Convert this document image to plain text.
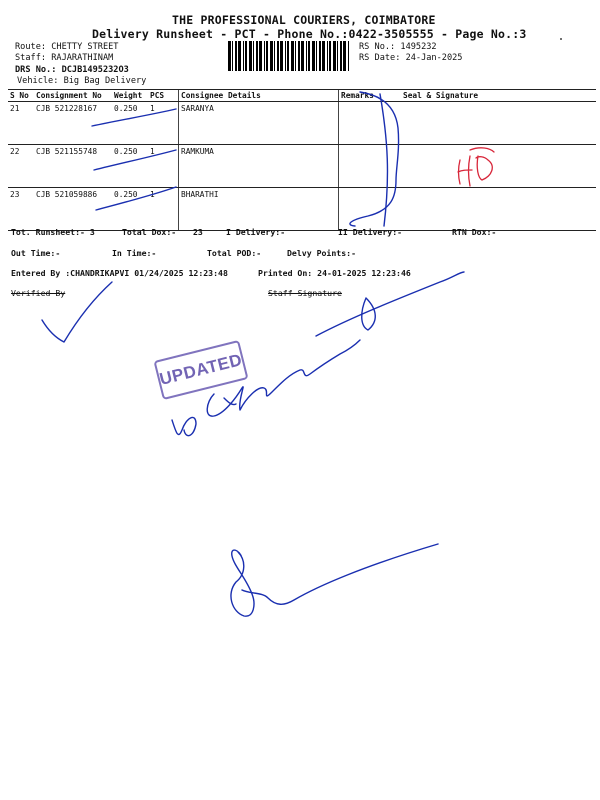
THE PROFESSIONAL COURIERS, COIMBATORE
Delivery Runsheet - PCT - Phone No.:0422-3505555 - Page No.:3
Route: CHETTY STREET
Staff: RAJARATHINAM
DRS No.: DCJB1495232O3
Vehicle: Big Bag Delivery
RS No.: 1495232
RS Date: 24-Jan-2025
S No	Consignment No	Weight	PCS	Consignee Details	Remarks	Seal & Signature
21	CJB 521228167	0.250	1	SARANYA		
22	CJB 521155748	0.250	1	RAMKUMA		
23	CJB 521059886	0.250	1	BHARATHI		
Tot. Runsheet:- 3	Total Dox:- 23	I Delivery:-	II Delivery:-	RTN Dox:-
Out Time:-	In Time:-	Total POD:-	Delvy Points:-
Entered By :CHANDRIKAPVI 01/24/2025 12:23:48	Printed On: 24-01-2025 12:23:46
Verified By	Staff Signature
UPDATED
